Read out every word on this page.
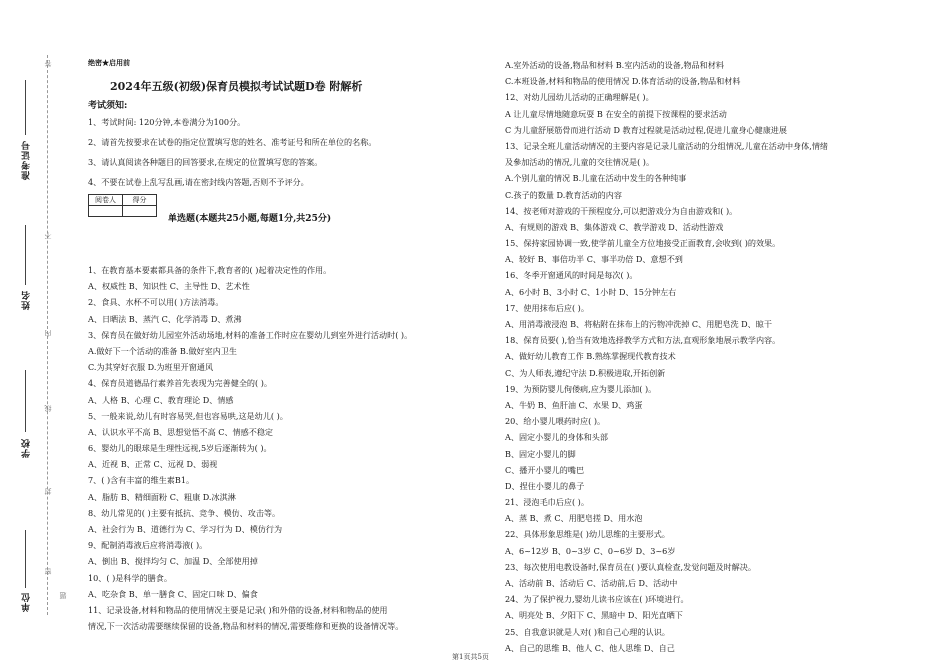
答
不
内
线
封
密
题
准考证号
姓名
学校
单位
绝密★启用前
2024年五级(初级)保育员模拟考试试题D卷 附解析
考试须知:
1、考试时间: 120分钟,本卷满分为100分。
2、请首先按要求在试卷的指定位置填写您的姓名、准考证号和所在单位的名称。
3、请认真阅读各种题目的回答要求,在规定的位置填写您的答案。
4、不要在试卷上乱写乱画,请在密封线内答题,否则不予评分。
阅卷人	得分

单选题(本题共25小题,每题1分,共25分)
1、在教育基本要素都具备的条件下,教育者的( )起着决定性的作用。
A、权威性 B、知识性 C、主导性 D、艺术性
2、食具、水杯不可以用( )方法消毒。
A、日晒法 B、蒸汽 C、化学消毒 D、煮沸
3、保育员在做好幼儿园室外活动场地,材料的准备工作时应在婴幼儿到室外进行活动时( )。
A.做好下一个活动的准备 B.做好室内卫生
C.为其穿好衣服 D.为班里开窗通风
4、保育员道德品行素养首先表现为完善健全的( )。
A、人格 B、心理 C、教育理论 D、情感
5、一般来说,幼儿有时容易哭,但也容易哄,这是幼儿( )。
A、认识水平不高 B、思想觉悟不高 C、情感不稳定
6、婴幼儿的眼球是生理性远视,5岁后逐渐转为( )。
A、近视 B、正常 C、远视 D、弱视
7、( )含有丰富的维生素B1。
A、脂肪 B、精细面粉 C、粗康 D.冰淇淋
8、幼儿常见的( )主要有抵抗、竞争、模仿、攻击等。
A、社会行为 B、道德行为 C、学习行为 D、模仿行为
9、配制消毒液后应将消毒液( )。
A、倒出 B、搅拌均匀 C、加温 D、全部使用掉
10、( )是科学的膳食。
A、吃杂食 B、单一膳食 C、固定口味 D、偏食
11、记录设备,材料和物品的使用情况主要是记录( )和外借的设备,材料和物品的使用
情况,下一次活动需要继续保留的设备,物品和材料的情况,需要维修和更换的设备情况等。
A.室外活动的设备,物品和材料 B.室内活动的设备,物品和材料
C.本班设备,材料和物品的使用情况 D.体育活动的设备,物品和材料
12、对幼儿园幼儿活动的正确理解是( )。
A 让儿童尽情地随意玩耍 B 在安全的前提下按课程的要求活动
C 为儿童舒展筋骨而进行活动 D 教育过程就是活动过程,促进儿童身心健康进展
13、记录全班儿童活动情况的主要内容是记录儿童活动的分组情况,儿童在活动中身体,情绪
及參加活动的情况,儿童的交往情况是( )。
A.个别儿童的情况 B.儿童在活动中发生的各种纯事
C.孩子的数量 D.教育活动的内容
14、按老师对游戏的干预程度分,可以把游戏分为自由游戏和( )。
A、有规则的游戏 B、集体游戏 C、教学游戏 D、活动性游戏
15、保持家园协调一致,使学前儿童全方位地接受正面教育,会收到( )的效果。
A、较好 B、事倍功半 C、事半功倍 D、意想不到
16、冬季开窗通风的时间是每次( )。
A、6小时 B、3小时 C、1小时 D、15分钟左右
17、使用抹布后应( )。
A、用消毒液浸泡 B、将粘附在抹布上的污物冲洗掉 C、用肥皂洗 D、晾干
18、保育员要( ),恰当有效地选择教学方式和方法,直观形象地展示教学内容。
A、做好幼儿教育工作 B.熟练掌握现代教育技术
C、为人师表,遵纪守法 D.积极进取,开拓创新
19、为预防婴儿佝偻病,应为婴儿添加( )。
A、牛奶 B、鱼肝油 C、水果 D、鸡蛋
20、给小婴儿喂药时应( )。
A、固定小婴儿的身体和头部
B、固定小婴儿的脚
C、播开小婴儿的嘴巴
D、捏住小婴儿的鼻子
21、浸泡毛巾后应( )。
A、蒸 B、煮 C、用肥皂搓 D、用水泡
22、具体形象思维是( )幼儿思维的主要形式。
A、6~12岁 B、0~3岁 C、0~6岁 D、3~6岁
23、每次使用电教设备时,保育员在( )要认真检查,发觉问题及时解决。
A、活动前 B、活动后 C、活动前,后 D、活动中
24、为了保护视力,婴幼儿读书应该在( )环境进行。
A、明亮处 B、夕阳下 C、黑暗中 D、阳光直晒下
25、自我意识就是人对( )和自己心理的认识。
A、自己的思维 B、他人 C、他人思维 D、自己
第1页共5页
